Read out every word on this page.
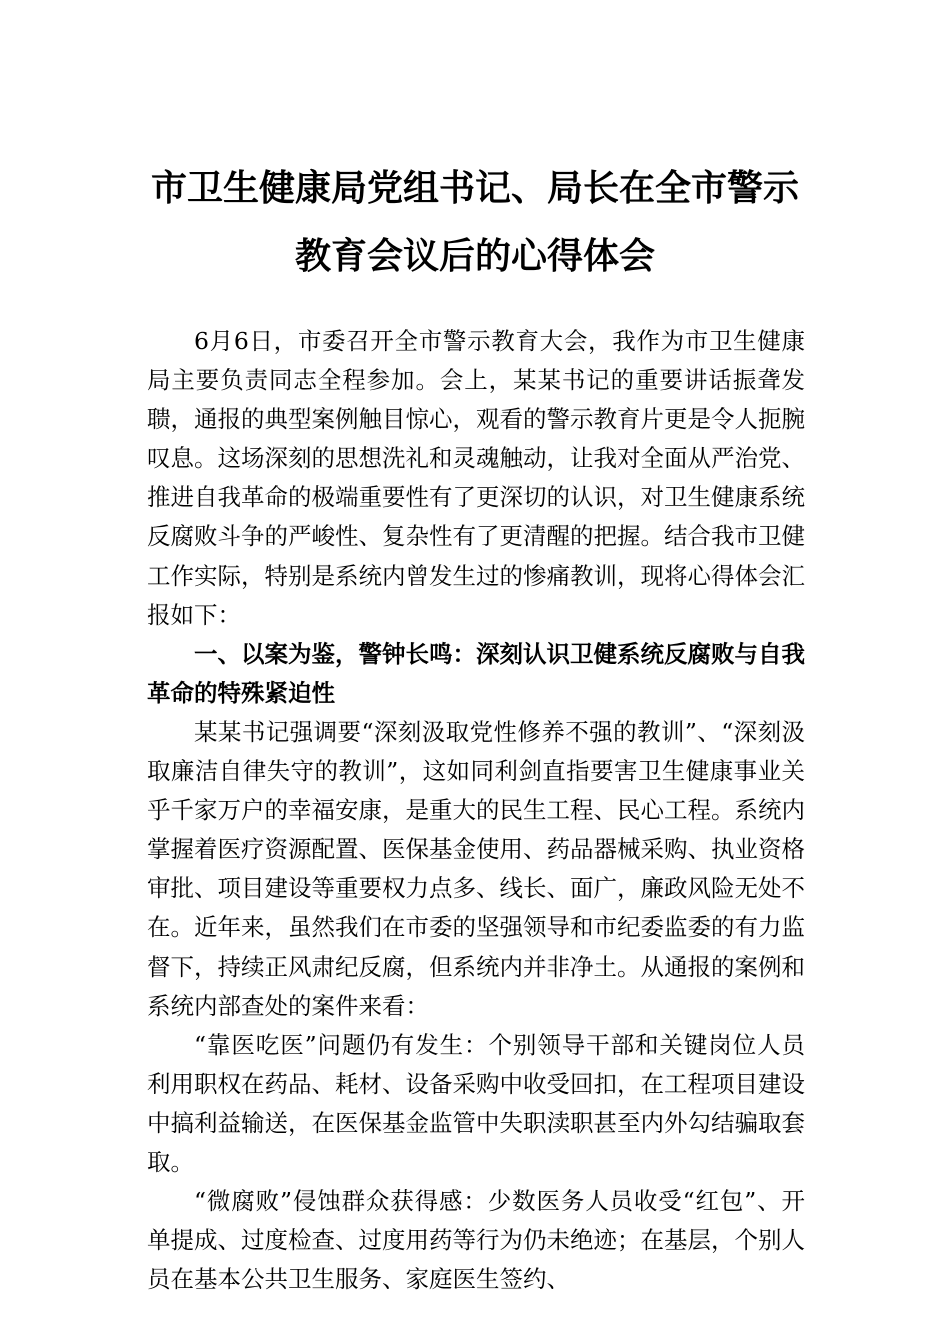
市卫生健康局党组书记、局长在全市警示
教育会议后的心得体会

6月6日，市委召开全市警示教育大会，我作为市卫生健康局主要负责同志全程参加。会上，某某书记的重要讲话振聋发聩，通报的典型案例触目惊心，观看的警示教育片更是令人扼腕叹息。这场深刻的思想洗礼和灵魂触动，让我对全面从严治党、推进自我革命的极端重要性有了更深切的认识，对卫生健康系统反腐败斗争的严峻性、复杂性有了更清醒的把握。结合我市卫健工作实际，特别是系统内曾发生过的惨痛教训，现将心得体会汇报如下：

一、以案为鉴，警钟长鸣：深刻认识卫健系统反腐败与自我革命的特殊紧迫性

某某书记强调要“深刻汲取党性修养不强的教训”、“深刻汲取廉洁自律失守的教训”，这如同利剑直指要害卫生健康事业关乎千家万户的幸福安康，是重大的民生工程、民心工程。系统内掌握着医疗资源配置、医保基金使用、药品器械采购、执业资格审批、项目建设等重要权力点多、线长、面广，廉政风险无处不在。近年来，虽然我们在市委的坚强领导和市纪委监委的有力监督下，持续正风肃纪反腐，但系统内并非净土。从通报的案例和系统内部查处的案件来看：

“靠医吃医”问题仍有发生：个别领导干部和关键岗位人员利用职权在药品、耗材、设备采购中收受回扣，在工程项目建设中搞利益输送，在医保基金监管中失职渎职甚至内外勾结骗取套取。

“微腐败”侵蚀群众获得感：少数医务人员收受“红包”、开单提成、过度检查、过度用药等行为仍未绝迹；在基层，个别人员在基本公共卫生服务、家庭医生签约、
